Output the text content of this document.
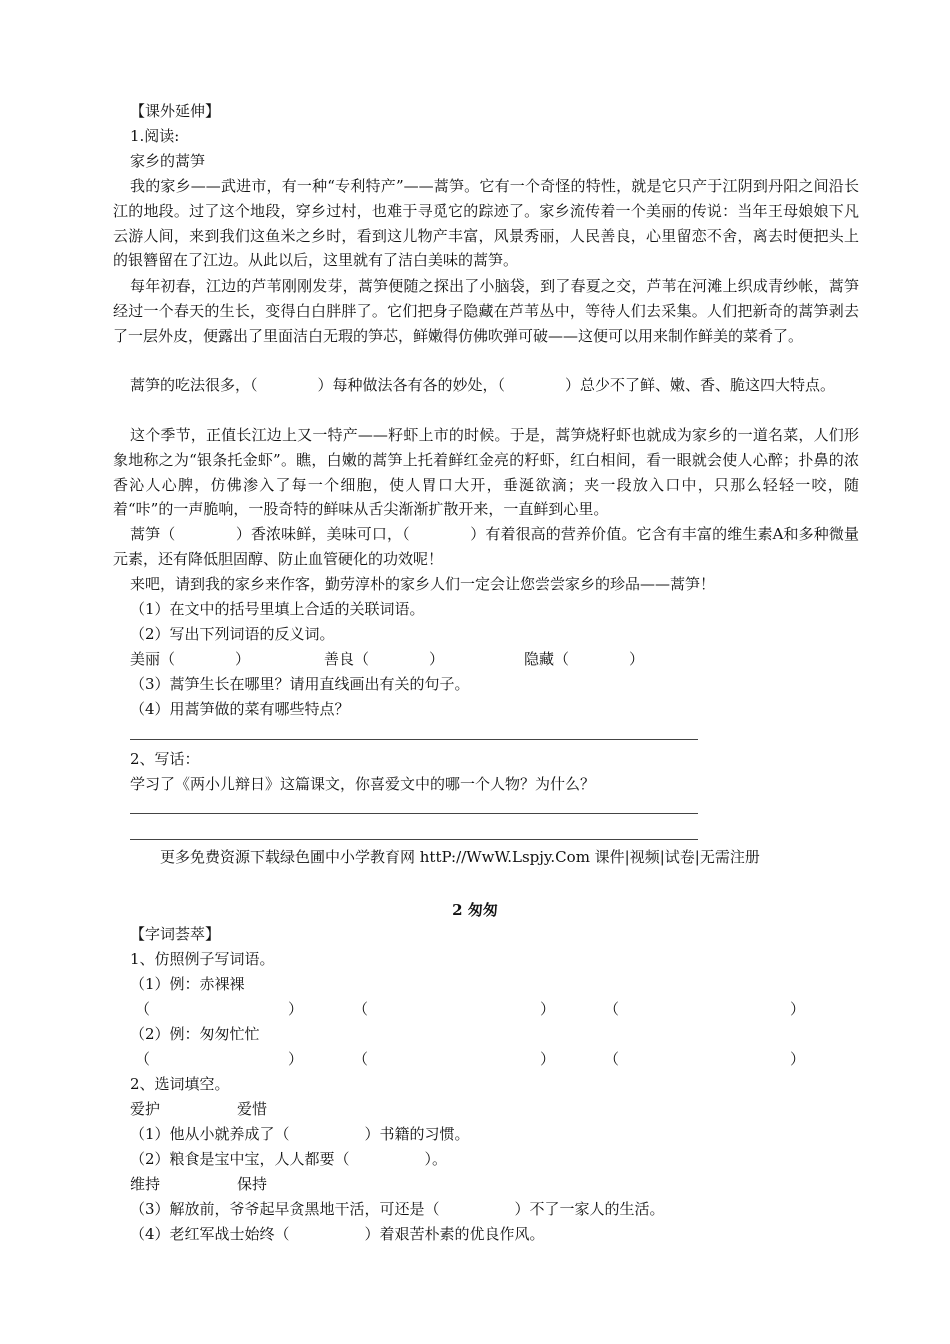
【课外延伸】
1.阅读:
家乡的蒿笋
我的家乡——武进市，有一种“专利特产”——蒿笋。它有一个奇怪的特性，就是它只产于江阴到丹阳之间沿长江的地段。过了这个地段，穿乡过村，也难于寻觅它的踪迹了。家乡流传着一个美丽的传说：当年王母娘娘下凡云游人间，来到我们这鱼米之乡时，看到这儿物产丰富，风景秀丽，人民善良，心里留恋不舍，离去时便把头上的银簪留在了江边。从此以后，这里就有了洁白美味的蒿笋。
每年初春，江边的芦苇刚刚发芽，蒿笋便随之探出了小脑袋，到了春夏之交，芦苇在河滩上织成青纱帐，蒿笋经过一个春天的生长，变得白白胖胖了。它们把身子隐藏在芦苇丛中，等待人们去采集。人们把新奇的蒿笋剥去了一层外皮，便露出了里面洁白无瑕的笋芯，鲜嫩得仿佛吹弹可破——这便可以用来制作鲜美的菜肴了。
蒿笋的吃法很多，（　　　　）每种做法各有各的妙处，（　　　　）总少不了鲜、嫩、香、脆这四大特点。
这个季节，正值长江边上又一特产——籽虾上市的时候。于是，蒿笋烧籽虾也就成为家乡的一道名菜，人们形象地称之为“银条托金虾”。瞧，白嫩的蒿笋上托着鲜红金亮的籽虾，红白相间，看一眼就会使人心醉；扑鼻的浓香沁人心脾，仿佛渗入了每一个细胞，使人胃口大开，垂涎欲滴；夹一段放入口中，只那么轻轻一咬，随着“咔”的一声脆响，一股奇特的鲜味从舌尖渐渐扩散开来，一直鲜到心里。
蒿笋（　　　　）香浓味鲜，美味可口，（　　　　）有着很高的营养价值。它含有丰富的维生素A和多种微量元素，还有降低胆固醇、防止血管硬化的功效呢！
来吧，请到我的家乡来作客，勤劳淳朴的家乡人们一定会让您尝尝家乡的珍品——蒿笋！
（1）在文中的括号里填上合适的关联词语。
（2）写出下列词语的反义词。
美丽（　　　　）	善良（　　　　）	隐藏（　　　　）
（3）蒿笋生长在哪里？请用直线画出有关的句子。
（4）用蒿笋做的菜有哪些特点？
2、写话：
学习了《两小儿辩日》这篇课文，你喜爱文中的哪一个人物？为什么？
更多免费资源下载绿色圃中小学教育网 httP://WwW.Lspjy.Com 课件|视频|试卷|无需注册
2 匆匆
【字词荟萃】
1、仿照例子写词语。
（1）例：赤裸裸
（	）	（	）	（	）
（2）例：匆匆忙忙
（	）	（	）	（	）
2、选词填空。
爱护	爱惜
（1）他从小就养成了（　　　　　）书籍的习惯。
（2）粮食是宝中宝，人人都要（　　　　　）。
维持	保持
（3）解放前，爷爷起早贪黑地干活，可还是（　　　　　）不了一家人的生活。
（4）老红军战士始终（　　　　　）着艰苦朴素的优良作风。
